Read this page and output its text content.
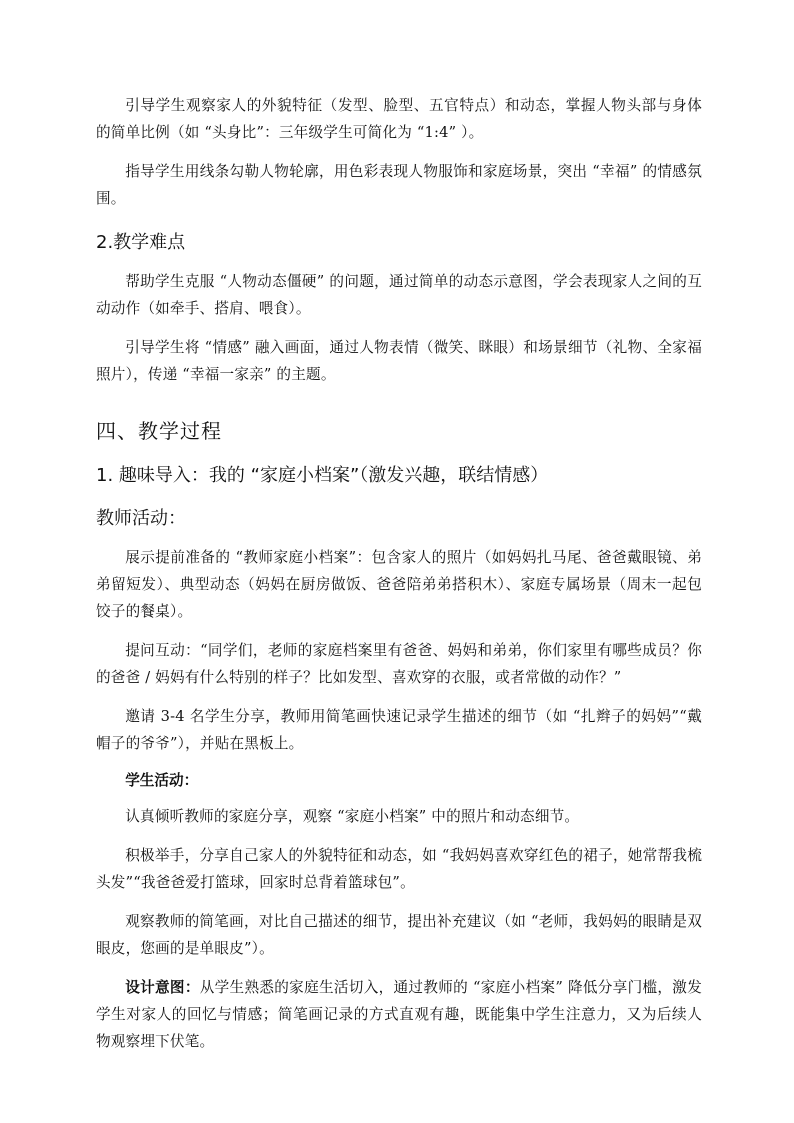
引导学生观察家人的外貌特征（发型、脸型、五官特点）和动态，掌握人物头部与身体的简单比例（如 “头身比”：三年级学生可简化为 “1:4” ）。

指导学生用线条勾勒人物轮廓，用色彩表现人物服饰和家庭场景，突出 “幸福” 的情感氛围。

2.教学难点

帮助学生克服 “人物动态僵硬” 的问题，通过简单的动态示意图，学会表现家人之间的互动动作（如牵手、搭肩、喂食）。

引导学生将 “情感” 融入画面，通过人物表情（微笑、眯眼）和场景细节（礼物、全家福照片），传递 “幸福一家亲” 的主题。

四、教学过程
1. 趣味导入：我的 “家庭小档案”（激发兴趣，联结情感）
教师活动：

展示提前准备的 “教师家庭小档案”：包含家人的照片（如妈妈扎马尾、爸爸戴眼镜、弟弟留短发）、典型动态（妈妈在厨房做饭、爸爸陪弟弟搭积木）、家庭专属场景（周末一起包饺子的餐桌）。

提问互动：“同学们，老师的家庭档案里有爸爸、妈妈和弟弟，你们家里有哪些成员？你的爸爸 / 妈妈有什么特别的样子？比如发型、喜欢穿的衣服，或者常做的动作？”

邀请 3-4 名学生分享，教师用简笔画快速记录学生描述的细节（如 “扎辫子的妈妈”“戴帽子的爷爷”），并贴在黑板上。

学生活动：

认真倾听教师的家庭分享，观察 “家庭小档案” 中的照片和动态细节。

积极举手，分享自己家人的外貌特征和动态，如 “我妈妈喜欢穿红色的裙子，她常帮我梳头发”“我爸爸爱打篮球，回家时总背着篮球包”。

观察教师的简笔画，对比自己描述的细节，提出补充建议（如 “老师，我妈妈的眼睛是双眼皮，您画的是单眼皮”）。

设计意图：从学生熟悉的家庭生活切入，通过教师的 “家庭小档案” 降低分享门槛，激发学生对家人的回忆与情感；简笔画记录的方式直观有趣，既能集中学生注意力，又为后续人物观察埋下伏笔。
